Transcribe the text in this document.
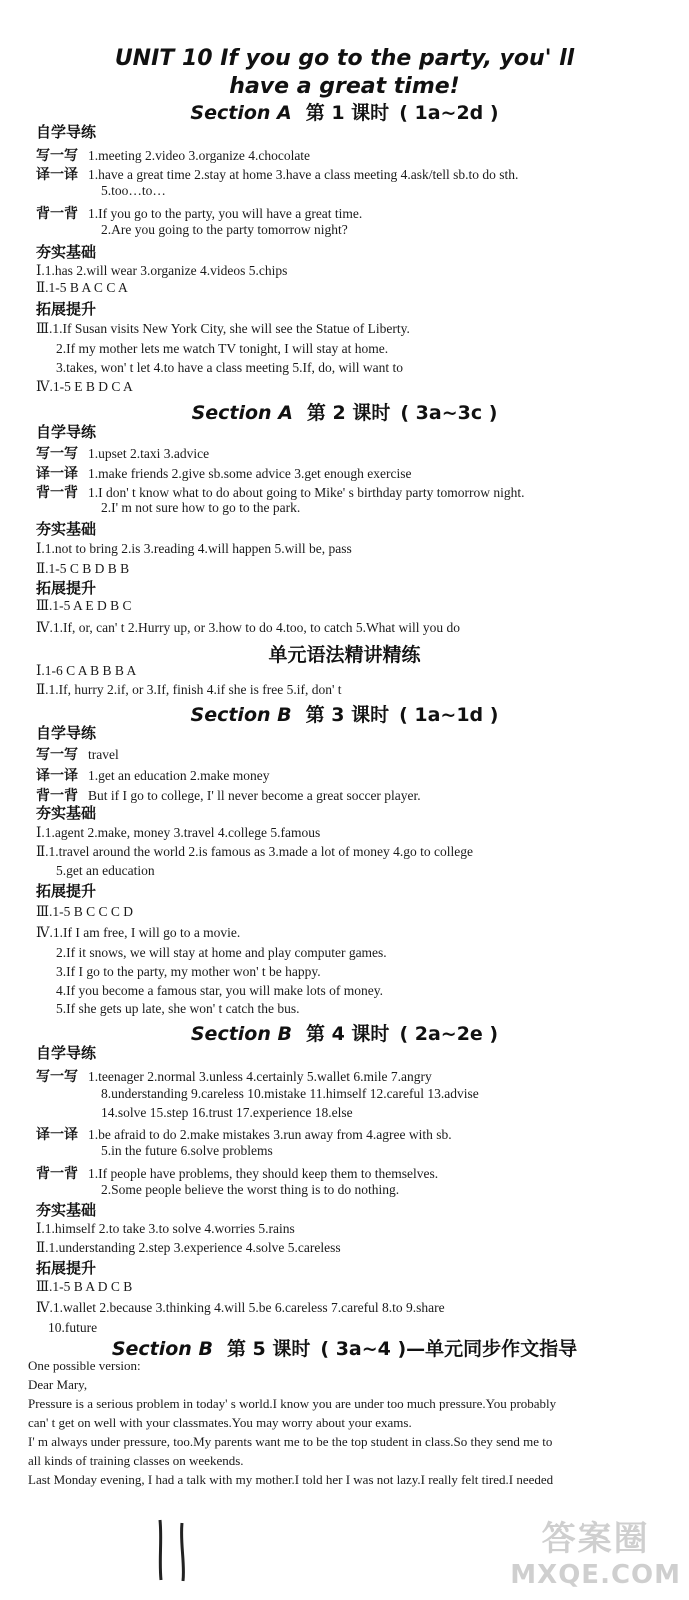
UNIT 10 If you go to the party, you' ll
have a great time!
Section A 第 1 课时 ( 1a~2d )
自学导练
写一写 1.meeting 2.video 3.organize 4.chocolate
译一译 1.have a great time 2.stay at home 3.have a class meeting 4.ask/tell sb.to do sth.
5.too…to…
背一背 1.If you go to the party, you will have a great time.
2.Are you going to the party tomorrow night?
夯实基础
Ⅰ.1.has 2.will wear 3.organize 4.videos 5.chips
Ⅱ.1-5 B A C C A
拓展提升
Ⅲ.1.If Susan visits New York City, she will see the Statue of Liberty.
2.If my mother lets me watch TV tonight, I will stay at home.
3.takes, won' t let 4.to have a class meeting 5.If, do, will want to
Ⅳ.1-5 E B D C A
Section A 第 2 课时 ( 3a~3c )
自学导练
写一写 1.upset 2.taxi 3.advice
译一译 1.make friends 2.give sb.some advice 3.get enough exercise
背一背 1.I don' t know what to do about going to Mike' s birthday party tomorrow night.
2.I' m not sure how to go to the park.
夯实基础
Ⅰ.1.not to bring 2.is 3.reading 4.will happen 5.will be, pass
Ⅱ.1-5 C B D B B
拓展提升
Ⅲ.1-5 A E D B C
Ⅳ.1.If, or, can' t 2.Hurry up, or 3.how to do 4.too, to catch 5.What will you do
单元语法精讲精练
Ⅰ.1-6 C A B B B A
Ⅱ.1.If, hurry 2.if, or 3.If, finish 4.if she is free 5.if, don' t
Section B 第 3 课时 ( 1a~1d )
自学导练
写一写 travel
译一译 1.get an education 2.make money
背一背 But if I go to college, I' ll never become a great soccer player.
夯实基础
Ⅰ.1.agent 2.make, money 3.travel 4.college 5.famous
Ⅱ.1.travel around the world 2.is famous as 3.made a lot of money 4.go to college
5.get an education
拓展提升
Ⅲ.1-5 B C C C D
Ⅳ.1.If I am free, I will go to a movie.
2.If it snows, we will stay at home and play computer games.
3.If I go to the party, my mother won' t be happy.
4.If you become a famous star, you will make lots of money.
5.If she gets up late, she won' t catch the bus.
Section B 第 4 课时 ( 2a~2e )
自学导练
写一写 1.teenager 2.normal 3.unless 4.certainly 5.wallet 6.mile 7.angry
8.understanding 9.careless 10.mistake 11.himself 12.careful 13.advise
14.solve 15.step 16.trust 17.experience 18.else
译一译 1.be afraid to do 2.make mistakes 3.run away from 4.agree with sb.
5.in the future 6.solve problems
背一背 1.If people have problems, they should keep them to themselves.
2.Some people believe the worst thing is to do nothing.
夯实基础
Ⅰ.1.himself 2.to take 3.to solve 4.worries 5.rains
Ⅱ.1.understanding 2.step 3.experience 4.solve 5.careless
拓展提升
Ⅲ.1-5 B A D C B
Ⅳ.1.wallet 2.because 3.thinking 4.will 5.be 6.careless 7.careful 8.to 9.share
10.future
Section B 第 5 课时 ( 3a~4 )—单元同步作文指导
One possible version:
Dear Mary,
Pressure is a serious problem in today' s world.I know you are under too much pressure.You probably
can' t get on well with your classmates.You may worry about your exams.
I' m always under pressure, too.My parents want me to be the top student in class.So they send me to
all kinds of training classes on weekends.
Last Monday evening, I had a talk with my mother.I told her I was not lazy.I really felt tired.I needed
答案圈
MXQE.COM
